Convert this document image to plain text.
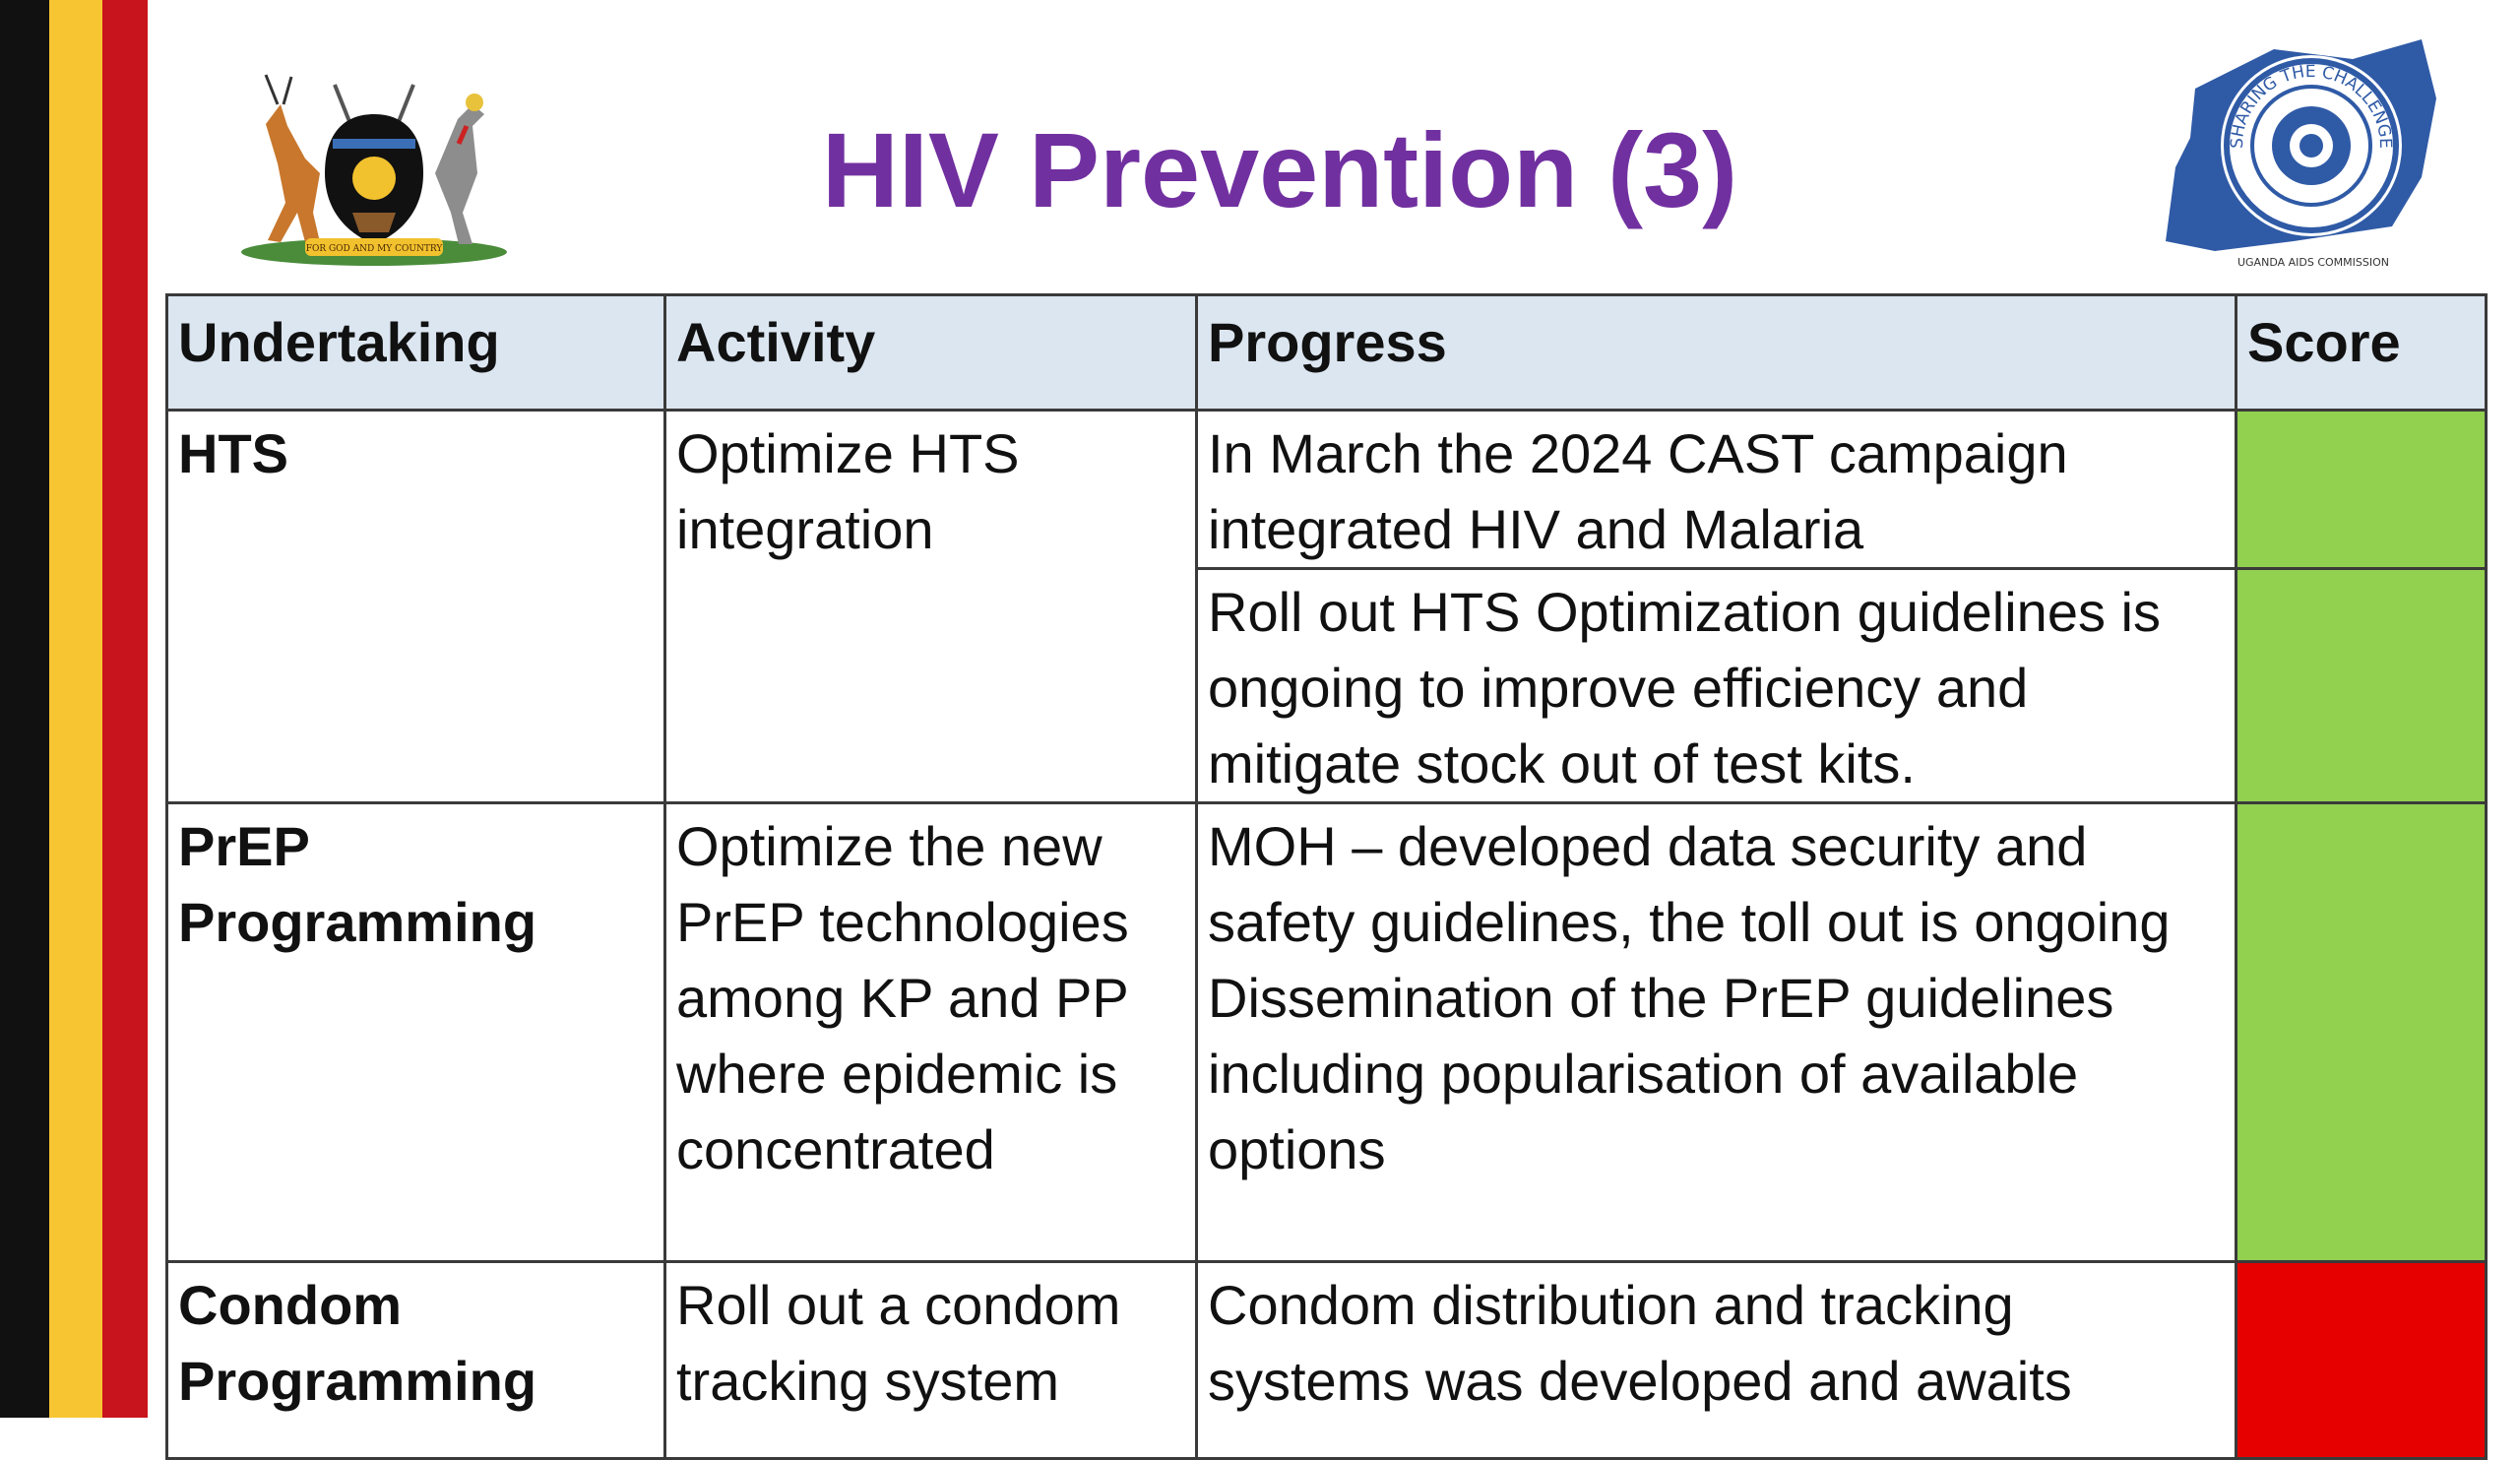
FOR GOD AND MY COUNTRY
HIV Prevention (3)	SHARING THE CHALLENGE
UGANDA AIDS COMMISSION
Undertaking	Activity	Progress	Score
HTS	Optimize HTS integration	In March the 2024 CAST campaign integrated HIV and Malaria	
		Roll out HTS Optimization guidelines is ongoing to improve efficiency and mitigate stock out of test kits.	
PrEP Programming	Optimize the new PrEP technologies among KP and PP where epidemic is concentrated	MOH – developed data security and safety guidelines, the toll out is ongoing
Dissemination of the PrEP guidelines including popularisation of available options	

Condom Programming	Roll out a condom tracking system	Condom distribution and tracking systems was developed and awaits	
